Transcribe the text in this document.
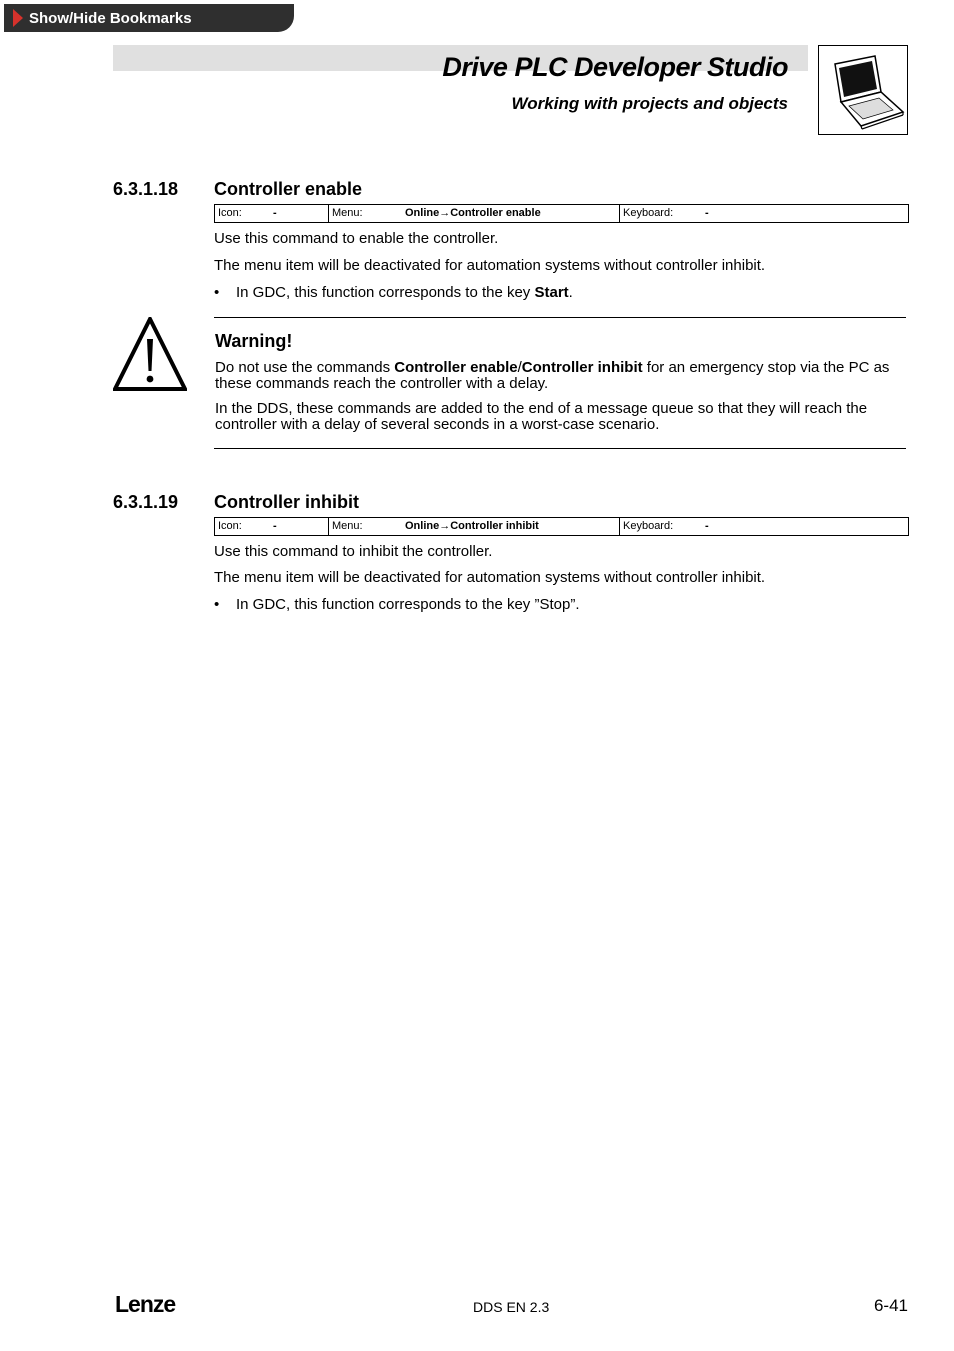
Show/Hide Bookmarks
Drive PLC Developer Studio
Working with projects and objects
6.3.1.18 Controller enable
Icon:	-	Menu:	Online→Controller enable	Keyboard:	-
Use this command to enable the controller.
The menu item will be deactivated for automation systems without controller inhibit.
• In GDC, this function corresponds to the key Start.
Warning!
Do not use the commands Controller enable/Controller inhibit for an emergency stop via the PC as these commands reach the controller with a delay.
In the DDS, these commands are added to the end of a message queue so that they will reach the controller with a delay of several seconds in a worst-case scenario.
6.3.1.19 Controller inhibit
Icon:	-	Menu:	Online→Controller inhibit	Keyboard:	-
Use this command to inhibit the controller.
The menu item will be deactivated for automation systems without controller inhibit.
• In GDC, this function corresponds to the key ”Stop”.
Lenze	DDS EN 2.3	6-41
